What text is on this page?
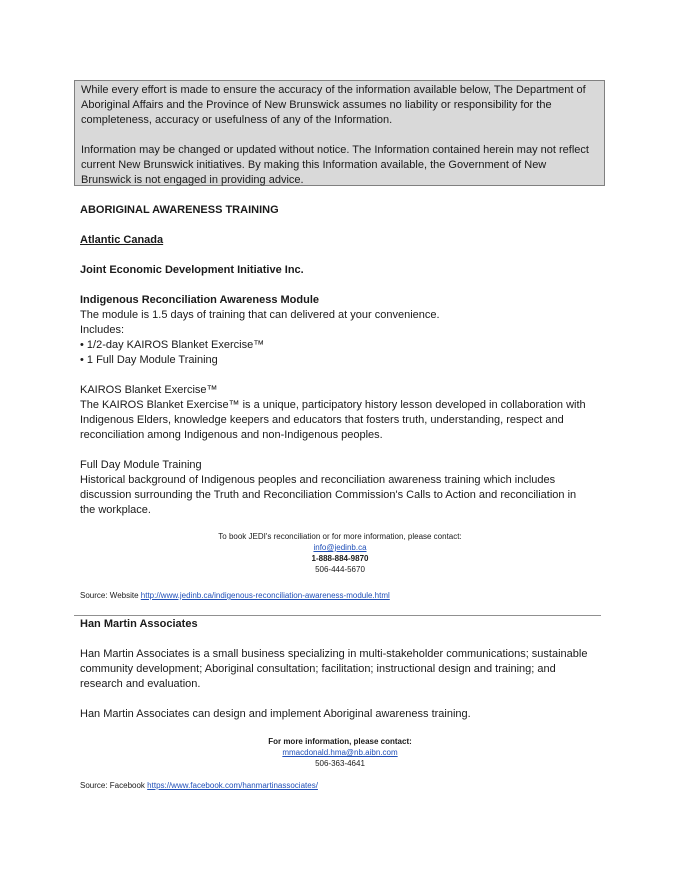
While every effort is made to ensure the accuracy of the information available below, The Department of Aboriginal Affairs and the Province of New Brunswick assumes no liability or responsibility for the completeness, accuracy or usefulness of any of the Information.

Information may be changed or updated without notice. The Information contained herein may not reflect current New Brunswick initiatives. By making this Information available, the Government of New Brunswick is not engaged in providing advice.

ABORIGINAL AWARENESS TRAINING
Atlantic Canada
Joint Economic Development Initiative Inc.
Indigenous Reconciliation Awareness Module
The module is 1.5 days of training that can delivered at your convenience.
Includes:
• 1/2-day KAIROS Blanket Exercise™
• 1 Full Day Module Training
KAIROS Blanket Exercise™
The KAIROS Blanket Exercise™ is a unique, participatory history lesson developed in collaboration with
Indigenous Elders, knowledge keepers and educators that fosters truth, understanding, respect and
reconciliation among Indigenous and non-Indigenous peoples.
Full Day Module Training
Historical background of Indigenous peoples and reconciliation awareness training which includes
discussion surrounding the Truth and Reconciliation Commission's Calls to Action and reconciliation in
the workplace.
To book JEDI's reconciliation or for more information, please contact:
info@jedinb.ca
1-888-884-9870
506-444-5670
Source: Website http://www.jedinb.ca/indigenous-reconciliation-awareness-module.html
Han Martin Associates
Han Martin Associates is a small business specializing in multi-stakeholder communications; sustainable
community development; Aboriginal consultation; facilitation; instructional design and training; and
research and evaluation.
Han Martin Associates can design and implement Aboriginal awareness training.
For more information, please contact:
mmacdonald.hma@nb.aibn.com
506-363-4641
Source: Facebook https://www.facebook.com/hanmartinassociates/
